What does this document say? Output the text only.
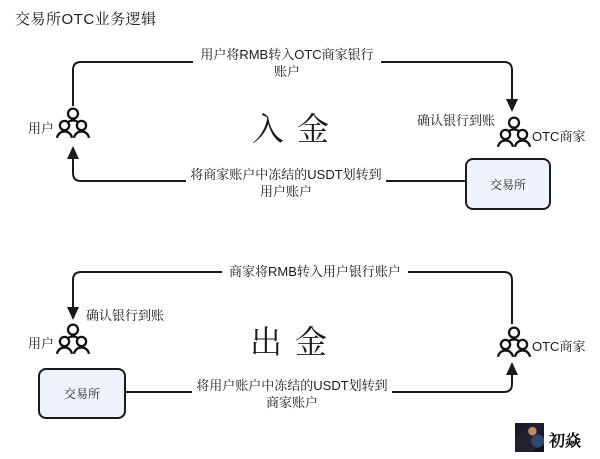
交易所OTC业务逻辑
用户将RMB转入OTC商家银行账户
用户	入金	确认银行到账
OTC商家
交易所
将商家账户中冻结的USDT划转到用户账户
商家将RMB转入用户银行账户
确认银行到账
用户	出金	OTC商家
交易所
将用户账户中冻结的USDT划转到商家账户
初焱
